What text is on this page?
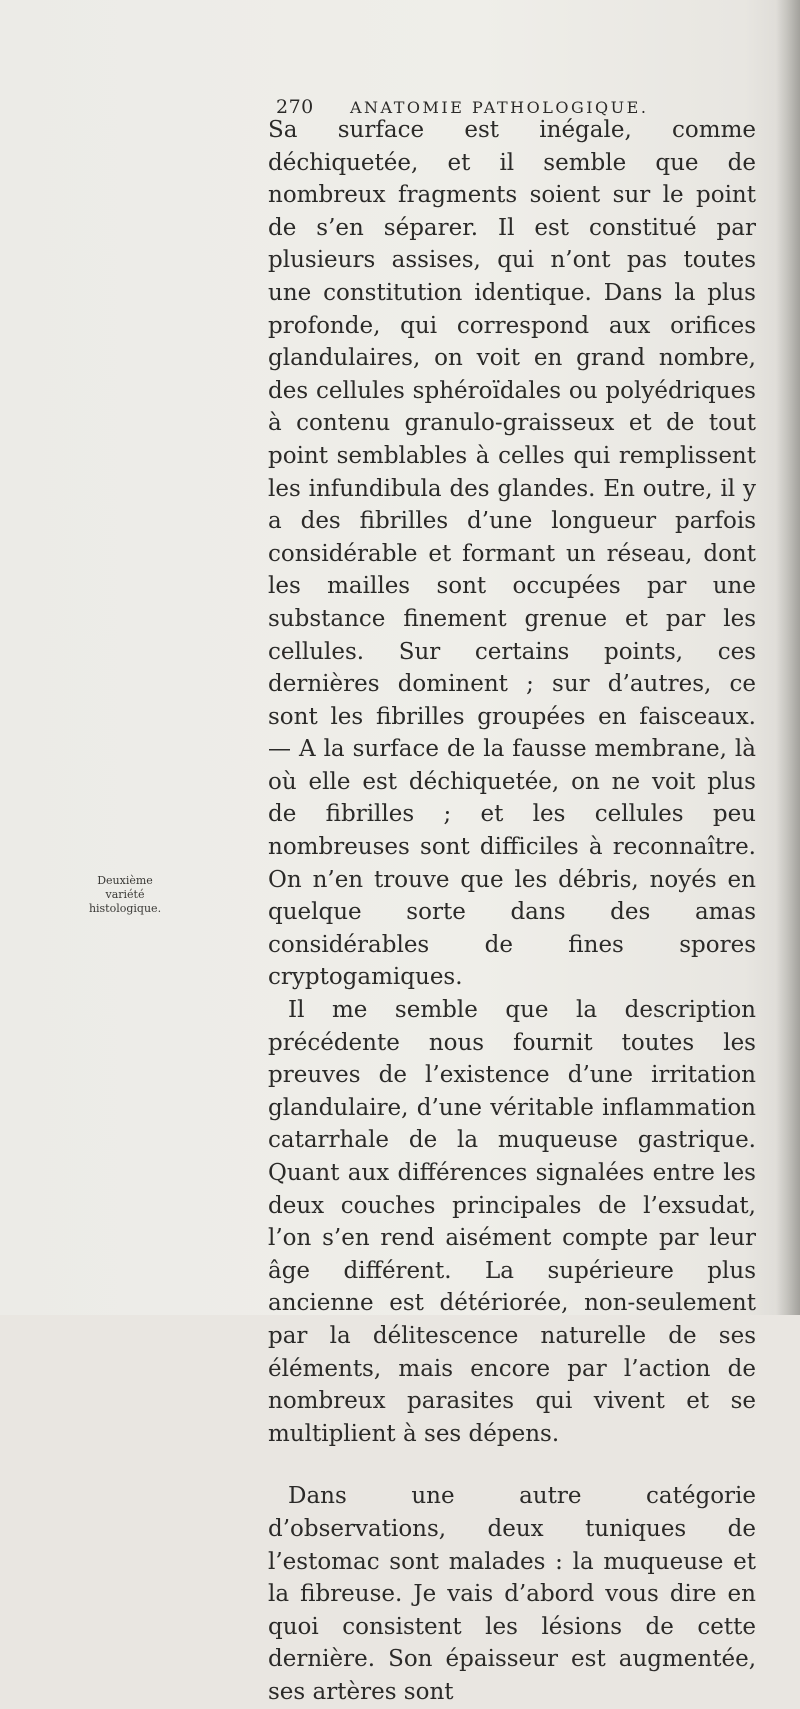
270 ANATOMIE PATHOLOGIQUE.

Sa surface est inégale, comme déchiquetée, et il semble que de nombreux fragments soient sur le point de s’en séparer. Il est constitué par plusieurs assises, qui n’ont pas toutes une constitution identique. Dans la plus profonde, qui correspond aux orifices glandulaires, on voit en grand nombre, des cellules sphéroïdales ou polyédriques à contenu granulo-graisseux et de tout point semblables à celles qui remplissent les infundibula des glandes. En outre, il y a des fibrilles d’une longueur parfois considérable et formant un réseau, dont les mailles sont occupées par une substance finement grenue et par les cellules. Sur certains points, ces dernières dominent ; sur d’autres, ce sont les fibrilles groupées en faisceaux. — A la surface de la fausse membrane, là où elle est déchiquetée, on ne voit plus de fibrilles ; et les cellules peu nombreuses sont difficiles à reconnaître. On n’en trouve que les débris, noyés en quelque sorte dans des amas considérables de fines spores cryptogamiques.

Il me semble que la description précédente nous fournit toutes les preuves de l’existence d’une irritation glandulaire, d’une véritable inflammation catarrhale de la muqueuse gastrique. Quant aux différences signalées entre les deux couches principales de l’exsudat, l’on s’en rend aisément compte par leur âge différent. La supérieure plus ancienne est détériorée, non-seulement par la délitescence naturelle de ses éléments, mais encore par l’action de nombreux parasites qui vivent et se multiplient à ses dépens.

Dans une autre catégorie d’observations, deux tuniques de l’estomac sont malades : la muqueuse et la fibreuse. Je vais d’abord vous dire en quoi consistent les lésions de cette dernière. Son épaisseur est augmentée, ses artères sont

Deuxième
variété
histologique.
